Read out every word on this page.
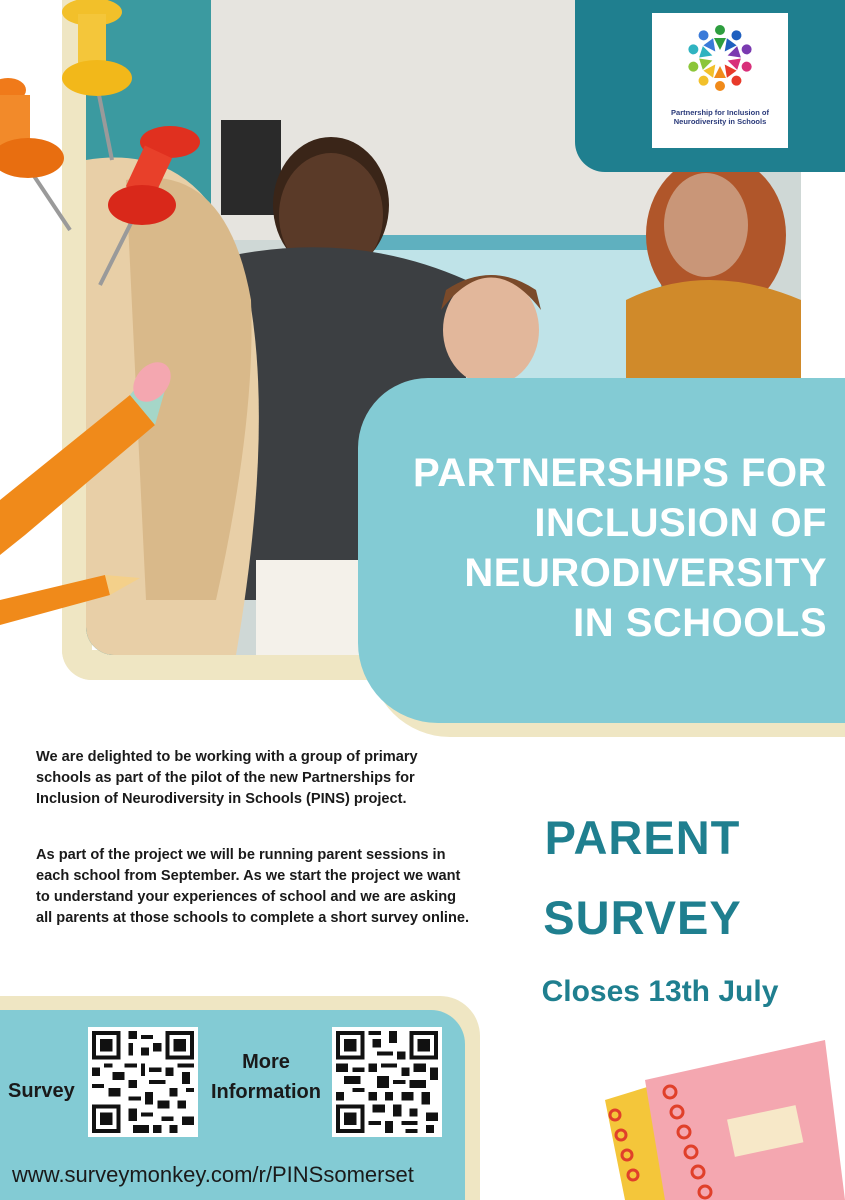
Partnership for Inclusion of Neurodiversity in Schools
PARTNERSHIPS FOR
INCLUSION OF
NEURODIVERSITY
IN SCHOOLS

We are delighted to be working with a group of primary schools as part of the pilot of the new Partnerships for Inclusion of Neurodiversity in Schools (PINS) project.

As part of the project we will be running parent sessions in each school from September. As we start the project we want to understand your experiences of school and we are asking all parents at those schools to complete a short survey online.

PARENT
SURVEY
Closes 13th July
Survey
More
Information
www.surveymonkey.com/r/PINSsomerset
